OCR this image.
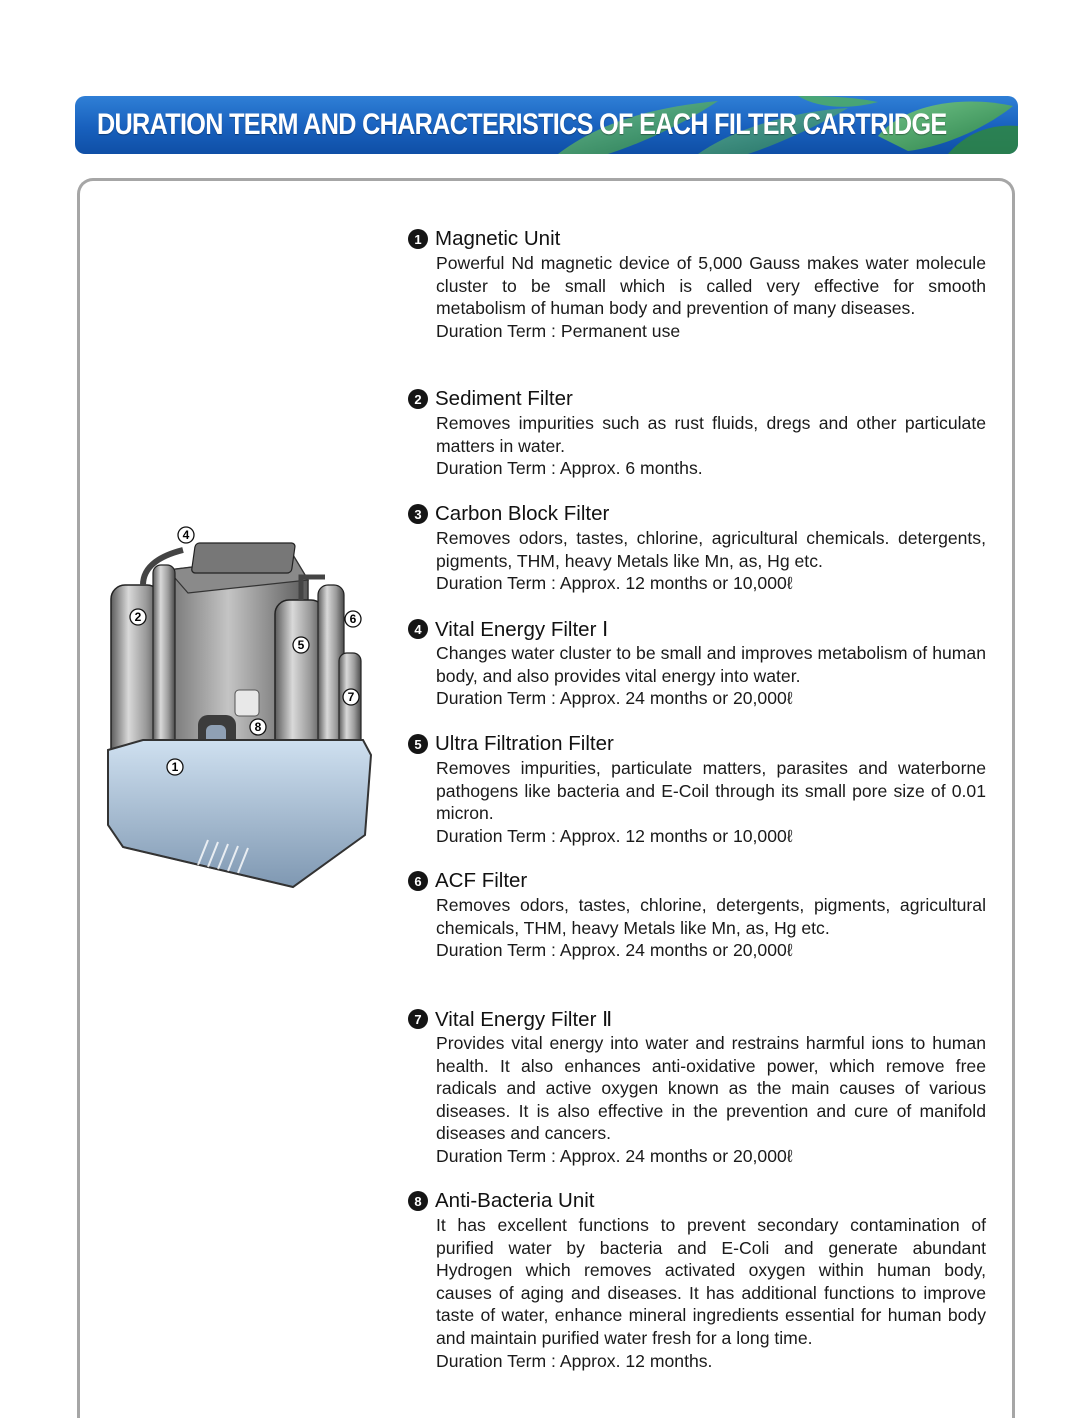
DURATION TERM AND CHARACTERISTICS OF EACH FILTER CARTRIDGE
4
2	6
5
7
8
1
1 Magnetic Unit
Powerful Nd magnetic device of 5,000 Gauss makes water molecule cluster to be small which is called very effective for smooth metabolism of human body and prevention of many diseases.
Duration Term : Permanent use
2 Sediment Filter
Removes impurities such as rust fluids, dregs and other particulate matters in water.
Duration Term : Approx. 6 months.
3 Carbon Block Filter
Removes odors, tastes, chlorine, agricultural chemicals. detergents, pigments, THM, heavy Metals like Mn, as, Hg etc.
Duration Term : Approx. 12 months or 10,000ℓ
4 Vital Energy Filter Ⅰ
Changes water cluster to be small and improves metabolism of human body, and also provides vital energy into water.
Duration Term : Approx. 24 months or 20,000ℓ
5 Ultra Filtration Filter
Removes impurities, particulate matters, parasites and waterborne pathogens like bacteria and E-Coil through its small pore size of 0.01 micron.
Duration Term : Approx. 12 months or 10,000ℓ
6 ACF Filter
Removes odors, tastes, chlorine, detergents, pigments, agricultural chemicals, THM, heavy Metals like Mn, as, Hg etc.
Duration Term : Approx. 24 months or 20,000ℓ
7 Vital Energy Filter Ⅱ
Provides vital energy into water and restrains harmful ions to human health. It also enhances anti-oxidative power, which remove free radicals and active oxygen known as the main causes of various diseases. It is also effective in the prevention and cure of manifold diseases and cancers.
Duration Term : Approx. 24 months or 20,000ℓ
8 Anti-Bacteria Unit
It has excellent functions to prevent secondary contamination of purified water by bacteria and E-Coli and generate abundant Hydrogen which removes activated oxygen within human body, causes of aging and diseases. It has additional functions to improve taste of water, enhance mineral ingredients essential for human body and maintain purified water fresh for a long time.
Duration Term : Approx. 12 months.
